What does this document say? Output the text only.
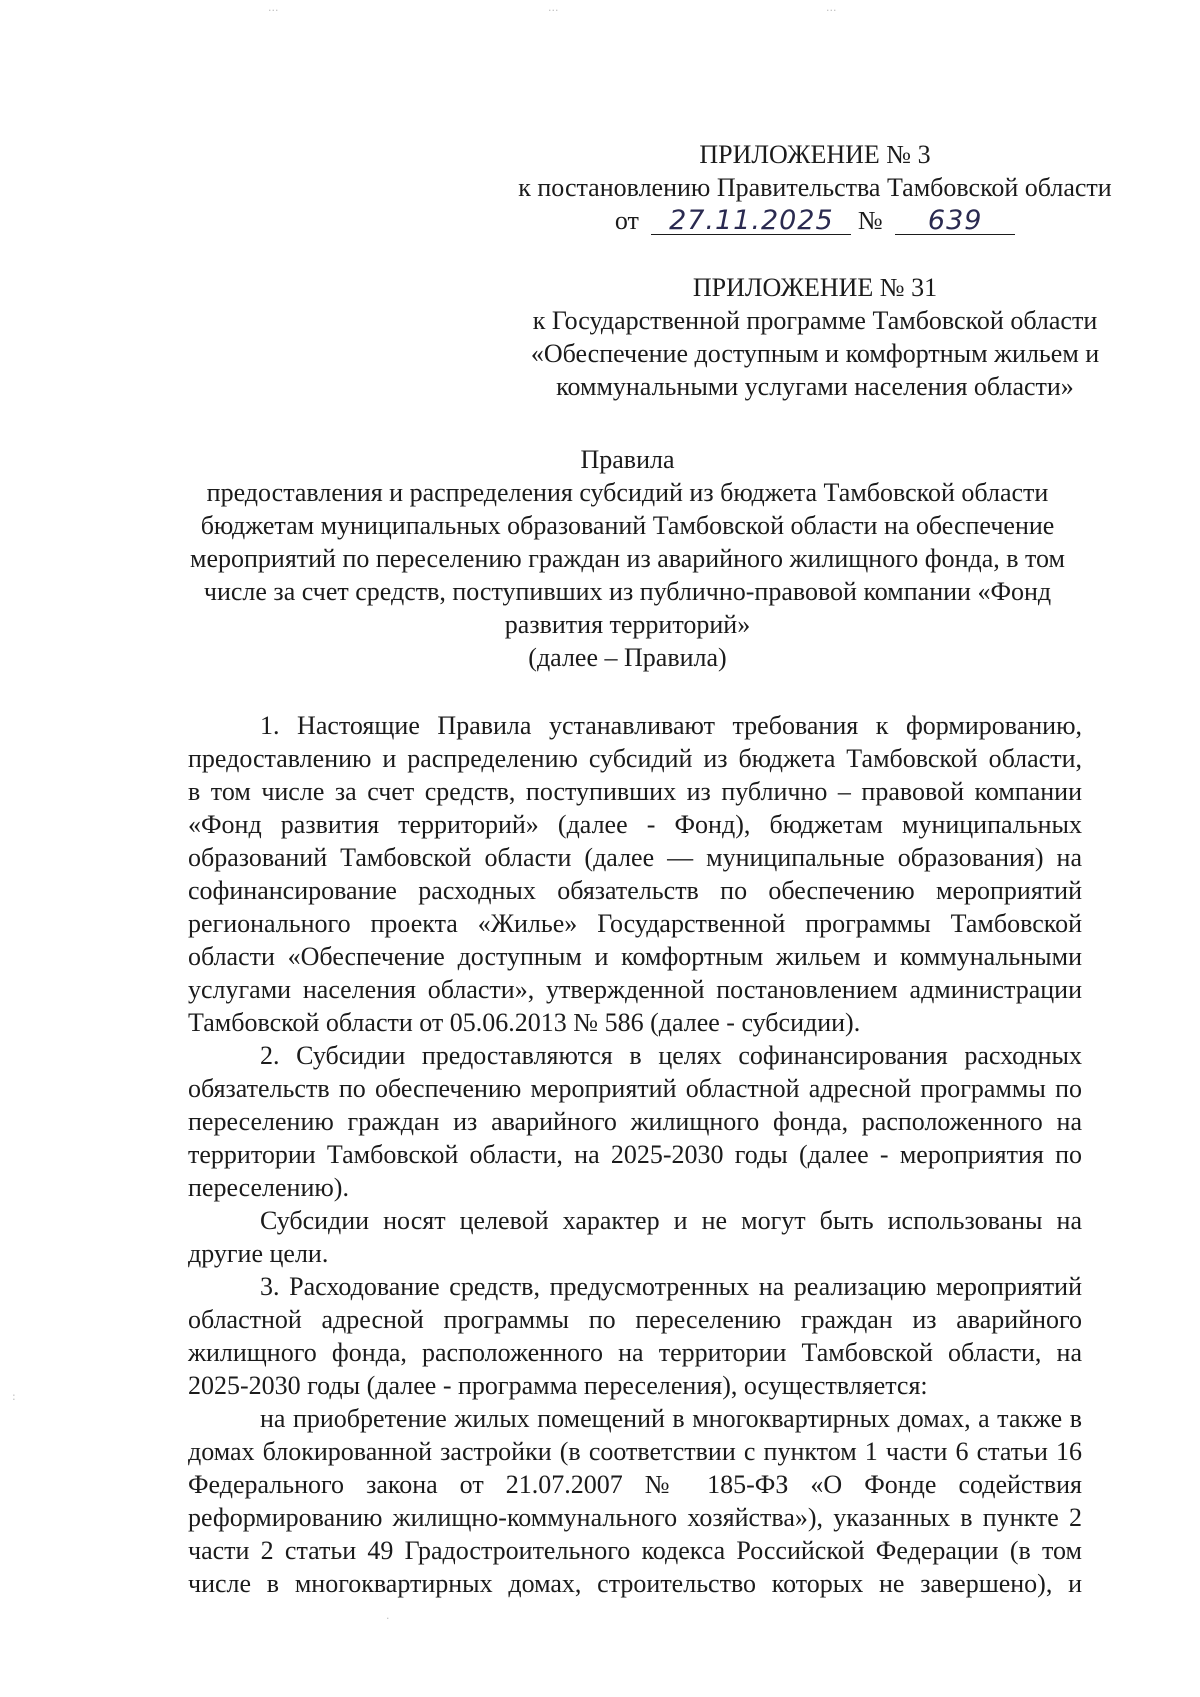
·‧·	·‧·	·‧·
ПРИЛОЖЕНИЕ № 3
к постановлению Правительства Тамбовской области
от 27.11.2025 № 639
ПРИЛОЖЕНИЕ № 31
к Государственной программе Тамбовской области
«Обеспечение доступным и комфортным жильем и
коммунальными услугами населения области»
Правила
предоставления и распределения субсидий из бюджета Тамбовской области
бюджетам муниципальных образований Тамбовской области на обеспечение
мероприятий по переселению граждан из аварийного жилищного фонда, в том
числе за счет средств, поступивших из публично-правовой компании «Фонд
развития территорий»
(далее – Правила)
1. Настоящие Правила устанавливают требования к формированию,
предоставлению и распределению субсидий из бюджета Тамбовской области,
в том числе за счет средств, поступивших из публично – правовой компании
«Фонд развития территорий» (далее - Фонд), бюджетам муниципальных
образований Тамбовской области (далее — муниципальные образования) на
софинансирование расходных обязательств по обеспечению мероприятий
регионального проекта «Жилье» Государственной программы Тамбовской
области «Обеспечение доступным и комфортным жильем и коммунальными
услугами населения области», утвержденной постановлением администрации
Тамбовской области от 05.06.2013 № 586 (далее - субсидии).
2. Субсидии предоставляются в целях софинансирования расходных
обязательств по обеспечению мероприятий областной адресной программы по
переселению граждан из аварийного жилищного фонда, расположенного на
территории Тамбовской области, на 2025-2030 годы (далее - мероприятия по
переселению).
Субсидии носят целевой характер и не могут быть использованы на
другие цели.
3. Расходование средств, предусмотренных на реализацию мероприятий
областной адресной программы по переселению граждан из аварийного
жилищного фонда, расположенного на территории Тамбовской области, на
2025-2030 годы (далее - программа переселения), осуществляется:
на приобретение жилых помещений в многоквартирных домах, а также в
домах блокированной застройки (в соответствии с пунктом 1 части 6 статьи 16
Федерального закона от 21.07.2007 № 185-ФЗ «О Фонде содействия
реформированию жилищно-коммунального хозяйства»), указанных в пункте 2
части 2 статьи 49 Градостроительного кодекса Российской Федерации (в том
числе в многоквартирных домах, строительство которых не завершено), и
:
·
